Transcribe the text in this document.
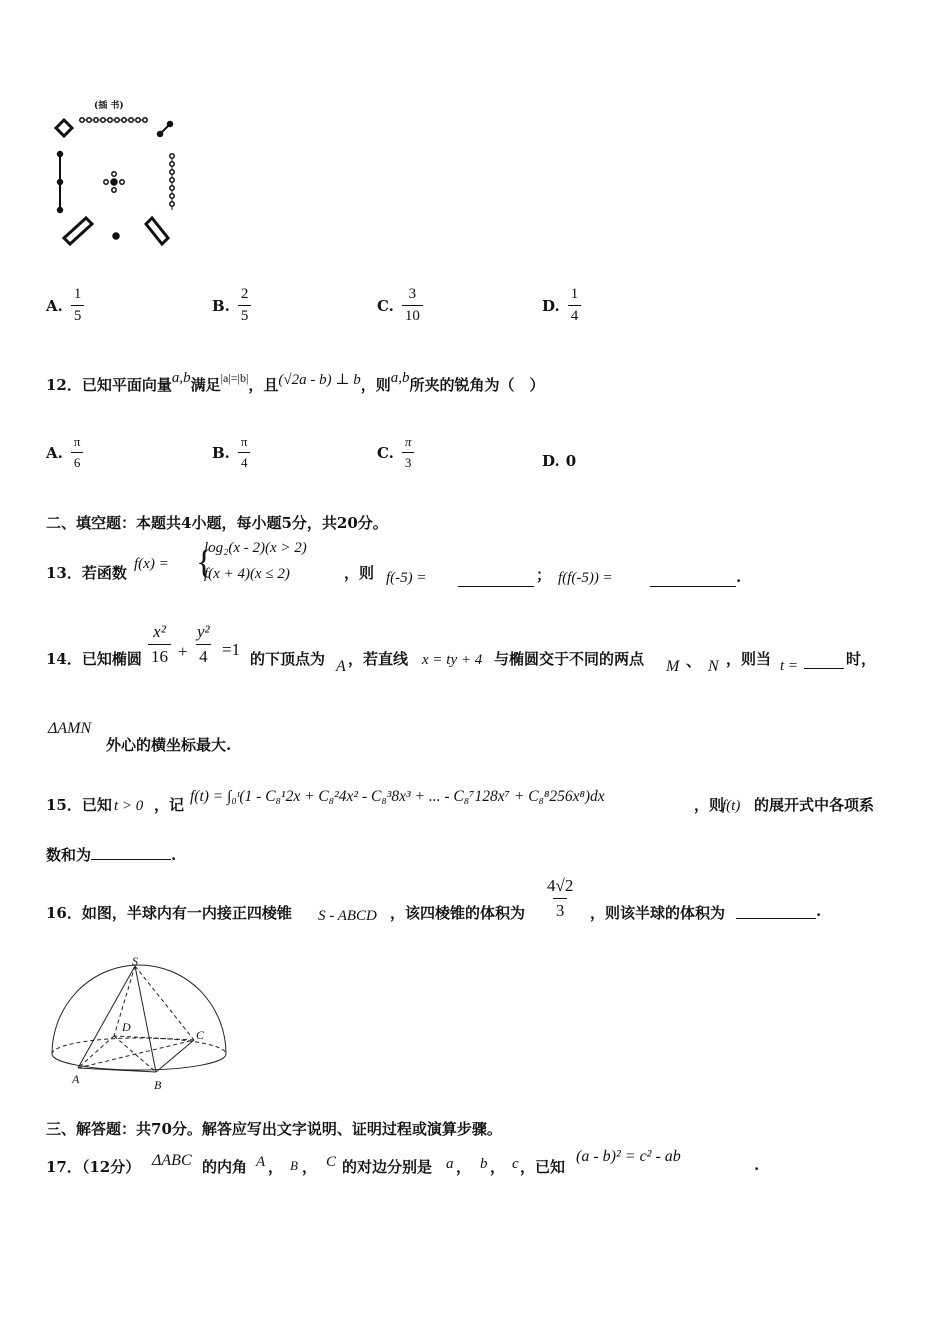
(插 书)
A. $\frac{1}{5}$	B. $\frac{2}{5}$	C. $\frac{3}{10}$	D. $\frac{1}{4}$
12．已知平面向量a,b满足$^{|a|=|b|}$，且(√2a - b) ⊥ b，则a,b所夹的锐角为（　）
A. $\frac{\pi}{6}$	B. $\frac{\pi}{4}$	C. $\frac{\pi}{3}$	D. 0
二、填空题：本题共4小题，每小题5分，共20分。
13．若函数 f(x) = {
log₂(x - 2)(x > 2)
f(x + 4)(x ≤ 2)	，则 f(-5) =	； f(f(-5)) =	.
14．已知椭圆 $\frac{\text{x²}}{16} + \frac{\text{y²}}{4} =1$ 的下顶点为 A ，若直线 x = ty + 4 与椭圆交于不同的两点 M 、 N ，则当 t =	时，
ΔAMN
外心的横坐标最大.
15．已知 t > 0 ，记 f(t) = ∫₀ᵗ(1 - C₈¹2x + C₈²4x² - C₈³8x³ + ... - C₈⁷128x⁷ + C₈⁸256x⁸)dx	，则
f(t) 的展开式中各项系
数和为	.
16．如图，半球内有一内接正四棱锥 S - ABCD ，该四棱锥的体积为 $\frac{4√2}{3}$ ，则该半球的体积为	.
S
D
C
A	B
三、解答题：共70分。解答应写出文字说明、证明过程或演算步骤。
17．（12分） ΔABC 的内角 A ， B ， C 的对边分别是 a ， b ， c ，已知
(a - b)² = c² - ab	.
